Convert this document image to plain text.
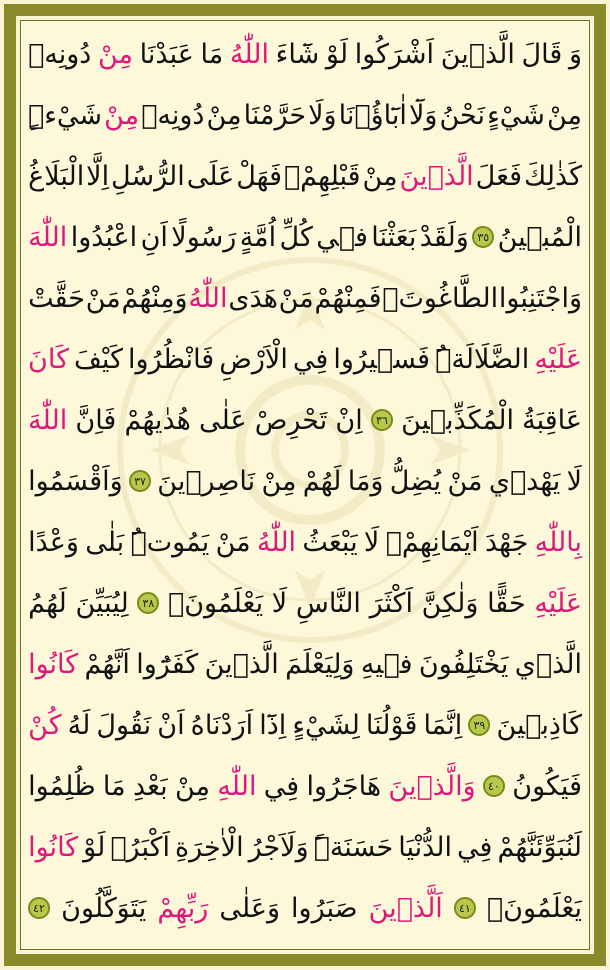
وَ
قَالَ
الَّذ۪ينَ
اَشْرَكُوا
لَوْ
شَٓاءَ
اللّٰهُ
مَا
عَبَدْنَا
مِنْ
دُونِه۪
مِنْ
شَيْءٍ
نَحْنُ
وَلَٓا
اٰبَٓاؤُ۬نَا
وَلَا
حَرَّمْنَا
مِنْ
دُونِه۪
مِنْ
شَيْءٍۜ
كَذٰلِكَ
فَعَلَ
الَّذ۪ينَ
مِنْ
قَبْلِهِمْۚ
فَهَلْ
عَلَى
الرُّسُلِ
اِلَّا
الْبَلَاغُ
الْمُب۪ينُ
٣٥
وَلَقَدْ
بَعَثْنَا
ف۪ي
كُلِّ
اُمَّةٍ
رَسُولًا
اَنِ
اعْبُدُوا
اللّٰهَ
وَاجْتَنِبُوا
الطَّاغُوتَۚ
فَمِنْهُمْ
مَنْ
هَدَى
اللّٰهُ
وَمِنْهُمْ
مَنْ
حَقَّتْ
عَلَيْهِ
الضَّلَالَةُۜ
فَس۪يرُوا
فِي
الْاَرْضِ
فَانْظُرُوا
كَيْفَ
كَانَ
عَاقِبَةُ
الْمُكَذِّب۪ينَ
٣٦
اِنْ
تَحْرِصْ
عَلٰى
هُدٰيهُمْ
فَاِنَّ
اللّٰهَ
لَا
يَهْد۪ي
مَنْ
يُضِلُّ
وَمَا
لَهُمْ
مِنْ
نَاصِر۪ينَ
٣٧
وَاَقْسَمُوا
بِاللّٰهِ
جَهْدَ
اَيْمَانِهِمْۙ
لَا
يَبْعَثُ
اللّٰهُ
مَنْ
يَمُوتُۜ
بَلٰى
وَعْدًا
عَلَيْهِ
حَقًّا
وَلٰكِنَّ
اَكْثَرَ
النَّاسِ
لَا
يَعْلَمُونَۙ
٣٨
لِيُبَيِّنَ
لَهُمُ
الَّذ۪ي
يَخْتَلِفُونَ
ف۪يهِ
وَلِيَعْلَمَ
الَّذ۪ينَ
كَفَرُٓوا
اَنَّهُمْ
كَانُوا
كَاذِب۪ينَ
٣٩
اِنَّمَا
قَوْلُنَا
لِشَيْءٍ
اِذَٓا
اَرَدْنَاهُ
اَنْ
نَقُولَ
لَهُ
كُنْ
فَيَكُونُ
٤٠
وَالَّذ۪ينَ
هَاجَرُوا
فِي
اللّٰهِ
مِنْ
بَعْدِ
مَا
ظُلِمُوا
لَنُبَوِّئَنَّهُمْ
فِي
الدُّنْيَا
حَسَنَةًۜ
وَلَاَجْرُ
الْاٰخِرَةِ
اَكْبَرُۢ
لَوْ
كَانُوا
يَعْلَمُونَۙ
٤١
اَلَّذ۪ينَ
صَبَرُوا
وَعَلٰى
رَبِّهِمْ
يَتَوَكَّلُونَ
٤٢
